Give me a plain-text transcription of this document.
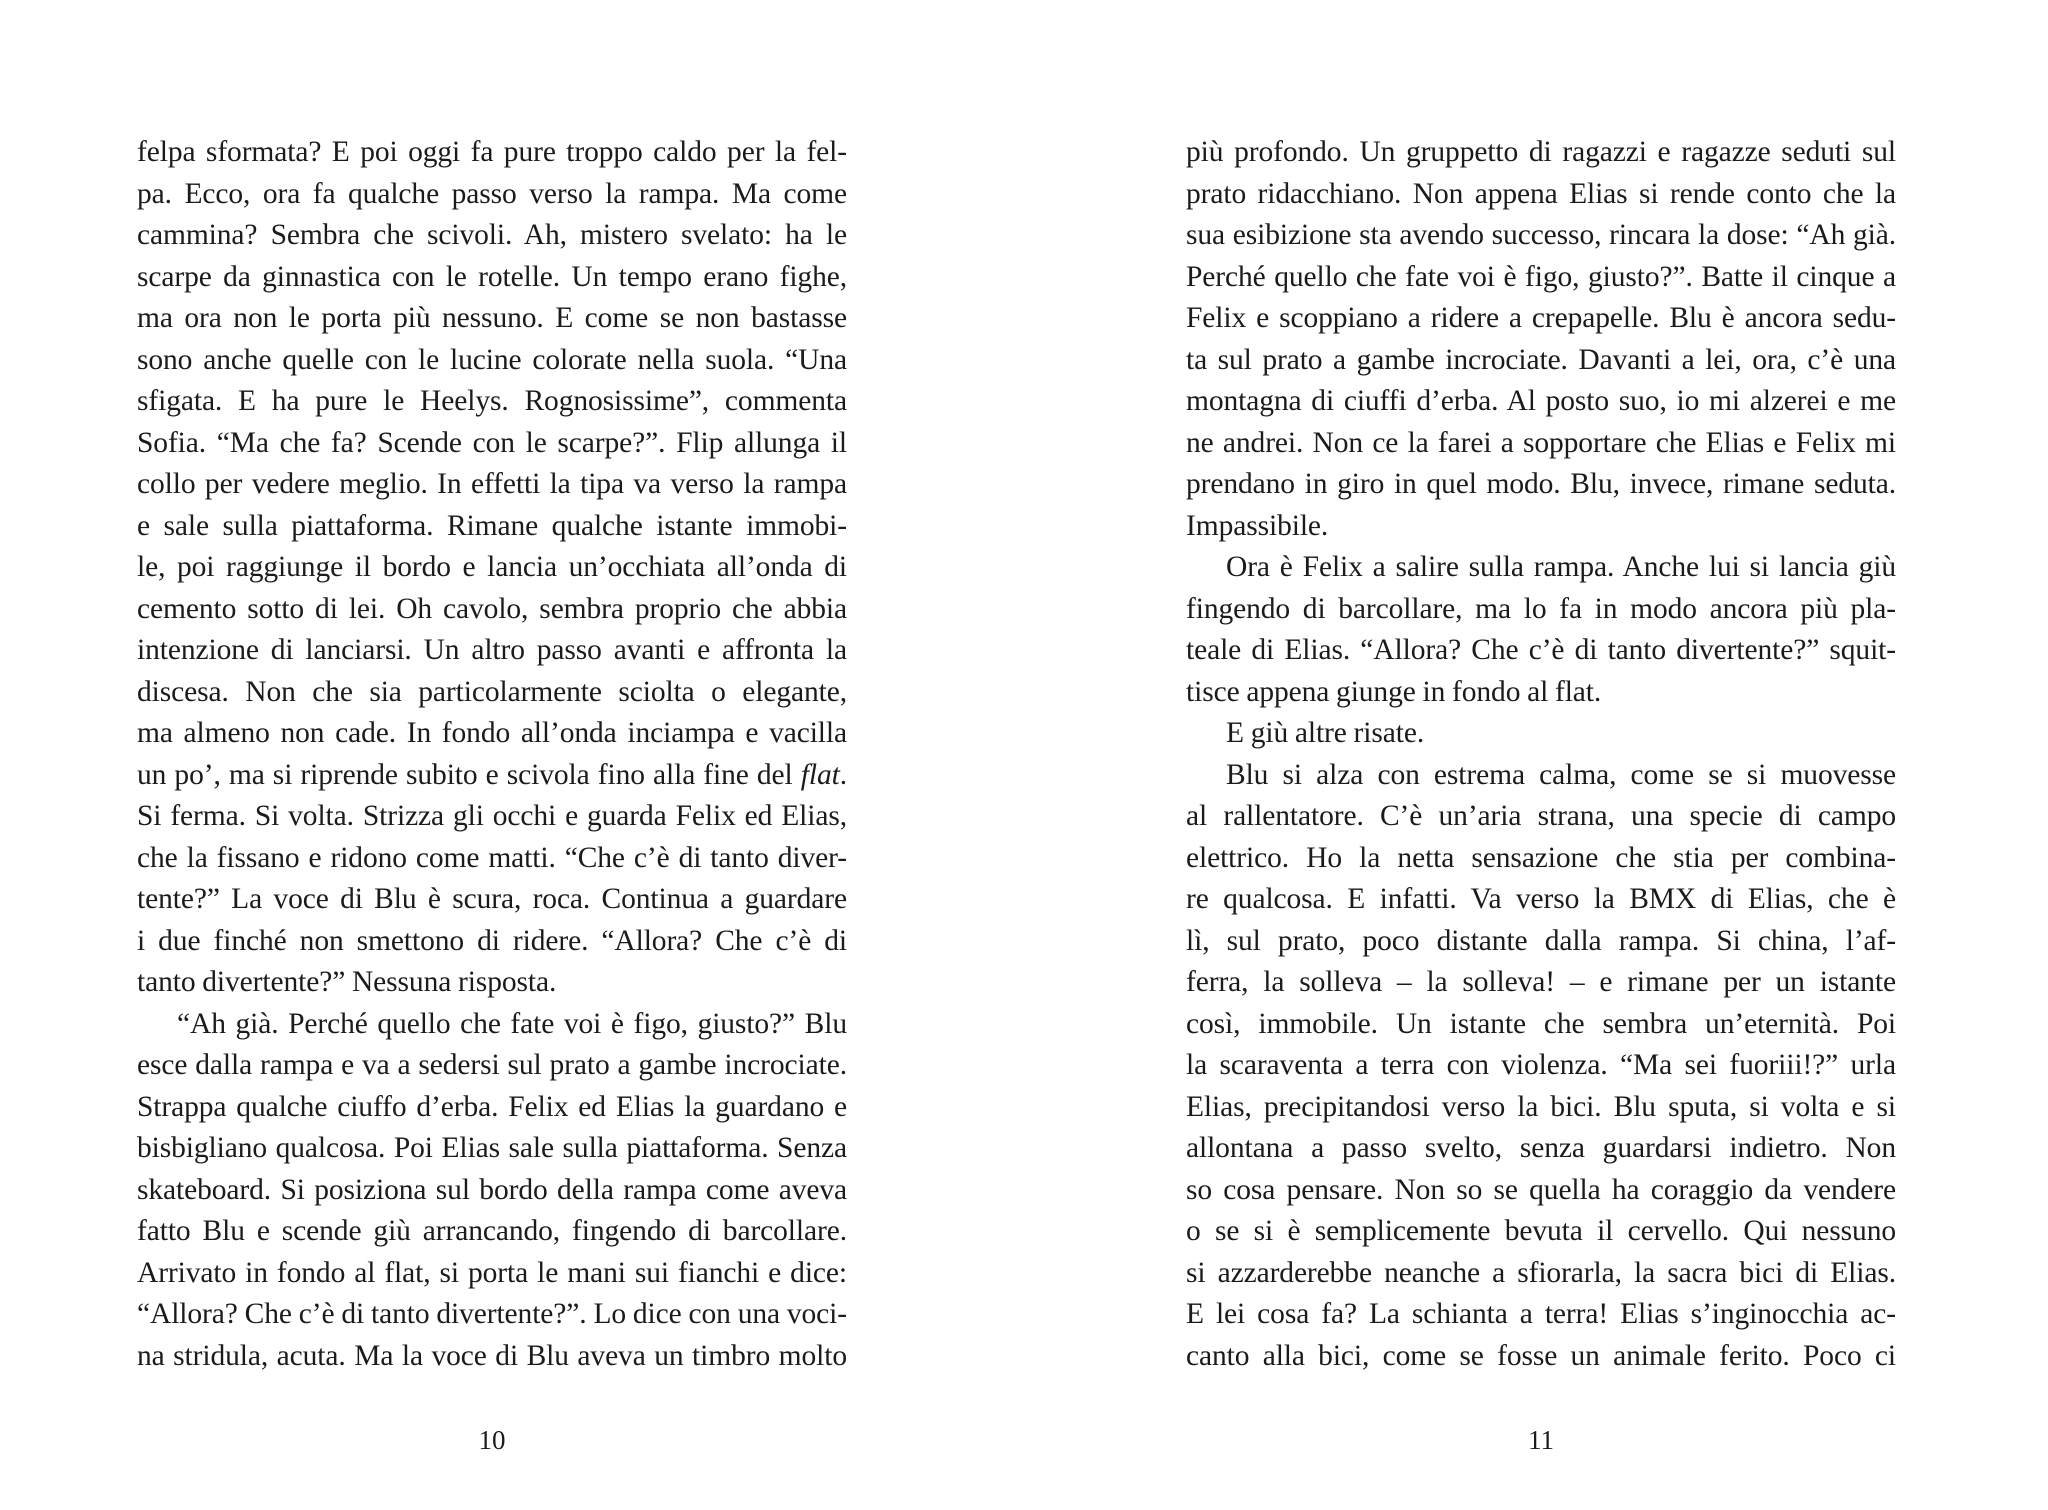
felpa sformata? E poi oggi fa pure troppo caldo per la fel-
pa. Ecco, ora fa qualche passo verso la rampa. Ma come
cammina? Sembra che scivoli. Ah, mistero svelato: ha le
scarpe da ginnastica con le rotelle. Un tempo erano fighe,
ma ora non le porta più nessuno. E come se non bastasse
sono anche quelle con le lucine colorate nella suola. “Una
sfigata. E ha pure le Heelys. Rognosissime”, commenta
Sofia. “Ma che fa? Scende con le scarpe?”. Flip allunga il
collo per vedere meglio. In effetti la tipa va verso la rampa
e sale sulla piattaforma. Rimane qualche istante immobi-
le, poi raggiunge il bordo e lancia un’occhiata all’onda di
cemento sotto di lei. Oh cavolo, sembra proprio che abbia
intenzione di lanciarsi. Un altro passo avanti e affronta la
discesa. Non che sia particolarmente sciolta o elegante,
ma almeno non cade. In fondo all’onda inciampa e vacilla
un po’, ma si riprende subito e scivola fino alla fine del flat.
Si ferma. Si volta. Strizza gli occhi e guarda Felix ed Elias,
che la fissano e ridono come matti. “Che c’è di tanto diver-
tente?” La voce di Blu è scura, roca. Continua a guardare
i due finché non smettono di ridere. “Allora? Che c’è di
tanto divertente?” Nessuna risposta.
“Ah già. Perché quello che fate voi è figo, giusto?” Blu
esce dalla rampa e va a sedersi sul prato a gambe incrociate.
Strappa qualche ciuffo d’erba. Felix ed Elias la guardano e
bisbigliano qualcosa. Poi Elias sale sulla piattaforma. Senza
skateboard. Si posiziona sul bordo della rampa come aveva
fatto Blu e scende giù arrancando, fingendo di barcollare.
Arrivato in fondo al flat, si porta le mani sui fianchi e dice:
“Allora? Che c’è di tanto divertente?”. Lo dice con una voci-
na stridula, acuta. Ma la voce di Blu aveva un timbro molto
10
più profondo. Un gruppetto di ragazzi e ragazze seduti sul
prato ridacchiano. Non appena Elias si rende conto che la
sua esibizione sta avendo successo, rincara la dose: “Ah già.
Perché quello che fate voi è figo, giusto?”. Batte il cinque a
Felix e scoppiano a ridere a crepapelle. Blu è ancora sedu-
ta sul prato a gambe incrociate. Davanti a lei, ora, c’è una
montagna di ciuffi d’erba. Al posto suo, io mi alzerei e me
ne andrei. Non ce la farei a sopportare che Elias e Felix mi
prendano in giro in quel modo. Blu, invece, rimane seduta.
Impassibile.
Ora è Felix a salire sulla rampa. Anche lui si lancia giù
fingendo di barcollare, ma lo fa in modo ancora più pla-
teale di Elias. “Allora? Che c’è di tanto divertente?” squit-
tisce appena giunge in fondo al flat.
E giù altre risate.
Blu si alza con estrema calma, come se si muovesse
al rallentatore. C’è un’aria strana, una specie di campo
elettrico. Ho la netta sensazione che stia per combina-
re qualcosa. E infatti. Va verso la BMX di Elias, che è
lì, sul prato, poco distante dalla rampa. Si china, l’af-
ferra, la solleva – la solleva! – e rimane per un istante
così, immobile. Un istante che sembra un’eternità. Poi
la scaraventa a terra con violenza. “Ma sei fuoriii!?” urla
Elias, precipitandosi verso la bici. Blu sputa, si volta e si
allontana a passo svelto, senza guardarsi indietro. Non
so cosa pensare. Non so se quella ha coraggio da vendere
o se si è semplicemente bevuta il cervello. Qui nessuno
si azzarderebbe neanche a sfiorarla, la sacra bici di Elias.
E lei cosa fa? La schianta a terra! Elias s’inginocchia ac-
canto alla bici, come se fosse un animale ferito. Poco ci
11
